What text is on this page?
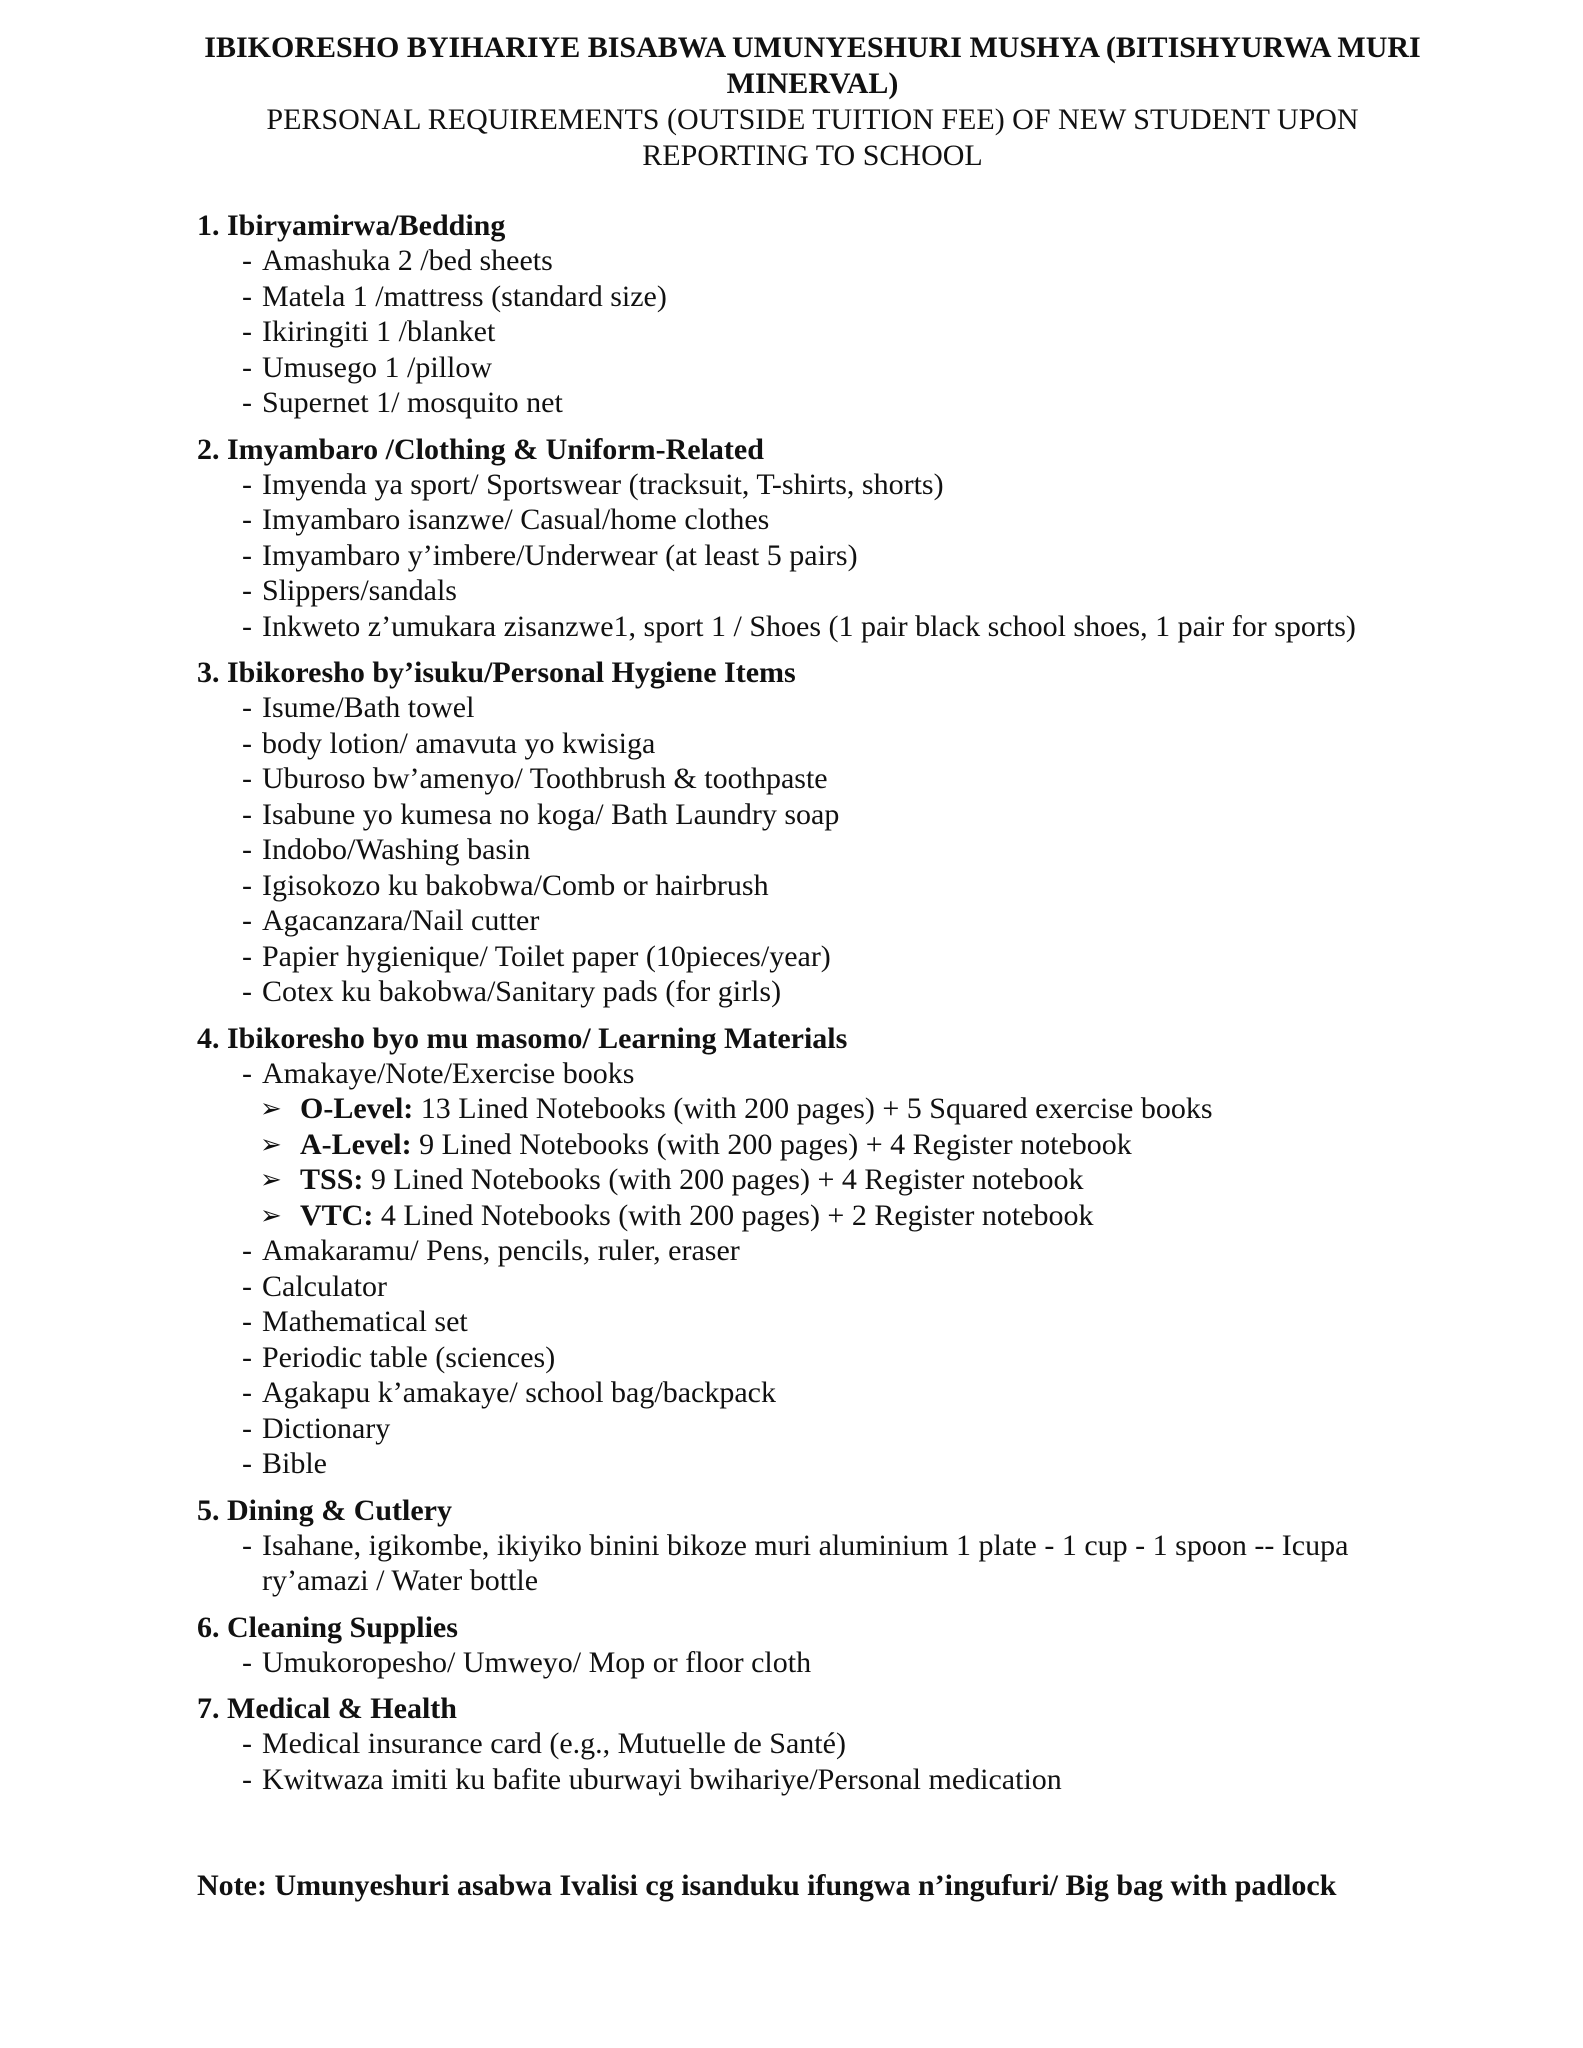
IBIKORESHO BYIHARIYE BISABWA UMUNYESHURI MUSHYA (BITISHYURWA MURI MINERVAL)
PERSONAL REQUIREMENTS (OUTSIDE TUITION FEE) OF NEW STUDENT UPON REPORTING TO SCHOOL
1. Ibiryamirwa/Bedding
- Amashuka 2 /bed sheets
- Matela 1 /mattress (standard size)
- Ikiringiti 1 /blanket
- Umusego 1 /pillow
- Supernet 1/ mosquito net
2. Imyambaro /Clothing & Uniform-Related
- Imyenda ya sport/ Sportswear (tracksuit, T-shirts, shorts)
- Imyambaro isanzwe/ Casual/home clothes
- Imyambaro y’imbere/Underwear (at least 5 pairs)
- Slippers/sandals
- Inkweto z’umukara zisanzwe1, sport 1 / Shoes (1 pair black school shoes, 1 pair for sports)
3. Ibikoresho by’isuku/Personal Hygiene Items
- Isume/Bath towel
- body lotion/ amavuta yo kwisiga
- Uburoso bw’amenyo/ Toothbrush & toothpaste
- Isabune yo kumesa no koga/ Bath Laundry soap
- Indobo/Washing basin
- Igisokozo ku bakobwa/Comb or hairbrush
- Agacanzara/Nail cutter
- Papier hygienique/ Toilet paper (10pieces/year)
- Cotex ku bakobwa/Sanitary pads (for girls)
4. Ibikoresho byo mu masomo/ Learning Materials
- Amakaye/Note/Exercise books
➢ O-Level: 13 Lined Notebooks (with 200 pages) + 5 Squared exercise books
➢ A-Level: 9 Lined Notebooks (with 200 pages) + 4 Register notebook
➢ TSS: 9 Lined Notebooks (with 200 pages) + 4 Register notebook
➢ VTC: 4 Lined Notebooks (with 200 pages) + 2 Register notebook
- Amakaramu/ Pens, pencils, ruler, eraser
- Calculator
- Mathematical set
- Periodic table (sciences)
- Agakapu k’amakaye/ school bag/backpack
- Dictionary
- Bible
5. Dining & Cutlery
- Isahane, igikombe, ikiyiko binini bikoze muri aluminium 1 plate - 1 cup - 1 spoon -- Icupa ry’amazi / Water bottle
6. Cleaning Supplies
- Umukoropesho/ Umweyo/ Mop or floor cloth
7. Medical & Health
- Medical insurance card (e.g., Mutuelle de Santé)
- Kwitwaza imiti ku bafite uburwayi bwihariye/Personal medication
Note: Umunyeshuri asabwa Ivalisi cg isanduku ifungwa n’ingufuri/ Big bag with padlock
